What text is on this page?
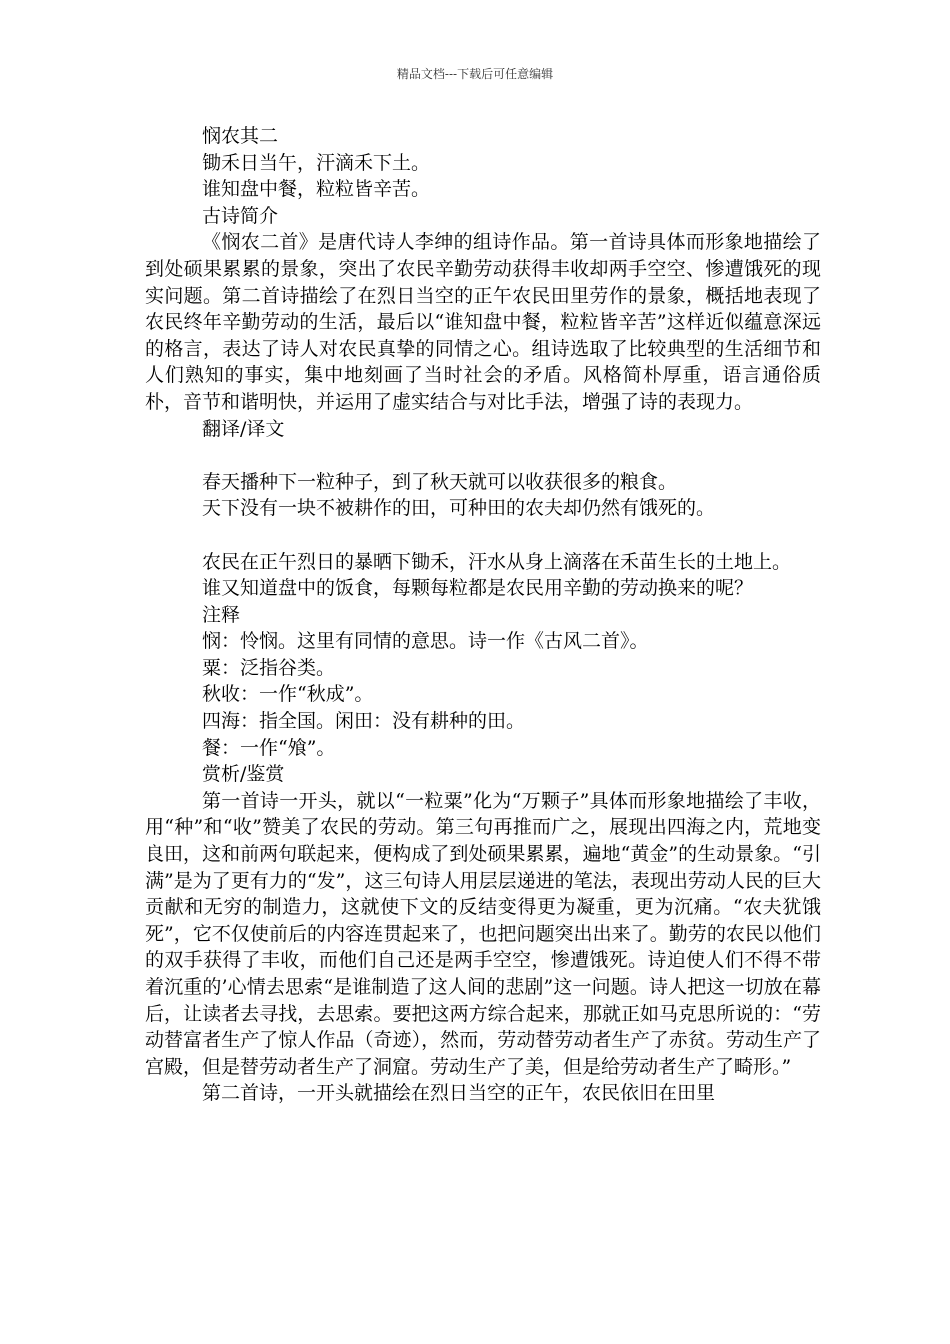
精品文档---下载后可任意编辑

悯农其二

锄禾日当午，汗滴禾下土。

谁知盘中餐，粒粒皆辛苦。

古诗简介

《悯农二首》是唐代诗人李绅的组诗作品。第一首诗具体而形象地描绘了到处硕果累累的景象，突出了农民辛勤劳动获得丰收却两手空空、惨遭饿死的现实问题。第二首诗描绘了在烈日当空的正午农民田里劳作的景象，概括地表现了农民终年辛勤劳动的生活，最后以“谁知盘中餐，粒粒皆辛苦”这样近似蕴意深远的格言，表达了诗人对农民真挚的同情之心。组诗选取了比较典型的生活细节和人们熟知的事实，集中地刻画了当时社会的矛盾。风格简朴厚重，语言通俗质朴，音节和谐明快，并运用了虚实结合与对比手法，增强了诗的表现力。

翻译/译文

春天播种下一粒种子，到了秋天就可以收获很多的粮食。

天下没有一块不被耕作的田，可种田的农夫却仍然有饿死的。

农民在正午烈日的暴晒下锄禾，汗水从身上滴落在禾苗生长的土地上。

谁又知道盘中的饭食，每颗每粒都是农民用辛勤的劳动换来的呢？

注释

悯：怜悯。这里有同情的意思。诗一作《古风二首》。

粟：泛指谷类。

秋收：一作“秋成”。

四海：指全国。闲田：没有耕种的田。

餐：一作“飧”。

赏析/鉴赏

第一首诗一开头，就以“一粒粟”化为“万颗子”具体而形象地描绘了丰收，用“种”和“收”赞美了农民的劳动。第三句再推而广之，展现出四海之内，荒地变良田，这和前两句联起来，便构成了到处硕果累累，遍地“黄金”的生动景象。“引满”是为了更有力的“发”，这三句诗人用层层递进的笔法，表现出劳动人民的巨大贡献和无穷的制造力，这就使下文的反结变得更为凝重，更为沉痛。“农夫犹饿死”，它不仅使前后的内容连贯起来了，也把问题突出出来了。勤劳的农民以他们的双手获得了丰收，而他们自己还是两手空空，惨遭饿死。诗迫使人们不得不带着沉重的’心情去思索“是谁制造了这人间的悲剧”这一问题。诗人把这一切放在幕后，让读者去寻找，去思索。要把这两方综合起来，那就正如马克思所说的：“劳动替富者生产了惊人作品（奇迹），然而，劳动替劳动者生产了赤贫。劳动生产了宫殿，但是替劳动者生产了洞窟。劳动生产了美，但是给劳动者生产了畸形。”

第二首诗，一开头就描绘在烈日当空的正午，农民依旧在田里
